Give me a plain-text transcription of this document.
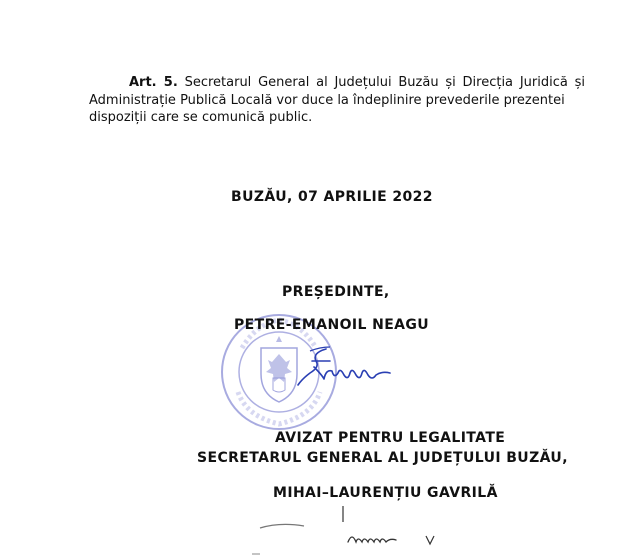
Art. 5. Secretarul General al Județului Buzău și Direcția Juridică și Administrație Publică Locală vor duce la îndeplinire prevederile prezentei
dispoziții care se comunică public.
BUZĂU, 07 APRILIE 2022
PREȘEDINTE,
PETRE-EMANOIL NEAGU
AVIZAT PENTRU LEGALITATE
SECRETARUL GENERAL AL JUDEȚULUI BUZĂU,
MIHAI–LAURENȚIU GAVRILĂ
